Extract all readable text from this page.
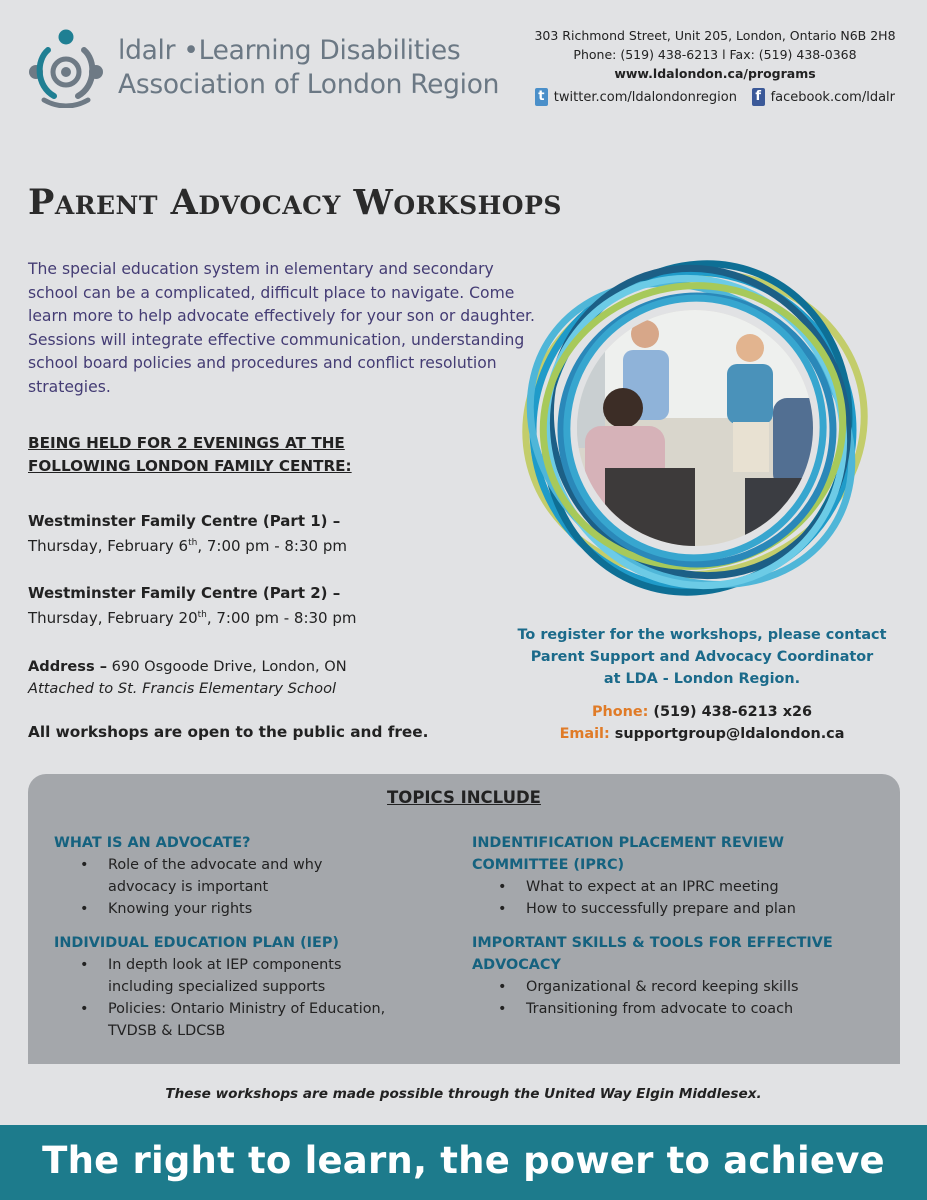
ldalr •Learning Disabilities
Association of London Region
303 Richmond Street, Unit 205, London, Ontario N6B 2H8
Phone: (519) 438-6213 l Fax: (519) 438-0368
www.ldalondon.ca/programs
t twitter.com/ldalondonregion f facebook.com/ldalr
Parent Advocacy Workshops
The special education system in elementary and secondary school can be a complicated, difficult place to navigate. Come learn more to help advocate effectively for your son or daughter. Sessions will integrate effective communication, understanding school board policies and procedures and conflict resolution strategies.
BEING HELD FOR 2 EVENINGS AT THE
FOLLOWING LONDON FAMILY CENTRE:
Westminster Family Centre (Part 1) –
Thursday, February 6th, 7:00 pm - 8:30 pm
Westminster Family Centre (Part 2) –
Thursday, February 20th, 7:00 pm - 8:30 pm
Address – 690 Osgoode Drive, London, ON
Attached to St. Francis Elementary School
All workshops are open to the public and free.
To register for the workshops, please contact
Parent Support and Advocacy Coordinator
at LDA - London Region.
Phone: (519) 438-6213 x26
Email: supportgroup@ldalondon.ca
TOPICS INCLUDE
WHAT IS AN ADVOCATE?
• Role of the advocate and why advocacy is important
• Knowing your rights
INDIVIDUAL EDUCATION PLAN (IEP)
• In depth look at IEP components including specialized supports
• Policies: Ontario Ministry of Education, TVDSB & LDCSB
INDENTIFICATION PLACEMENT REVIEW COMMITTEE (IPRC)
• What to expect at an IPRC meeting
• How to successfully prepare and plan
IMPORTANT SKILLS & TOOLS FOR EFFECTIVE ADVOCACY
• Organizational & record keeping skills
• Transitioning from advocate to coach
These workshops are made possible through the United Way Elgin Middlesex.
The right to learn, the power to achieve
